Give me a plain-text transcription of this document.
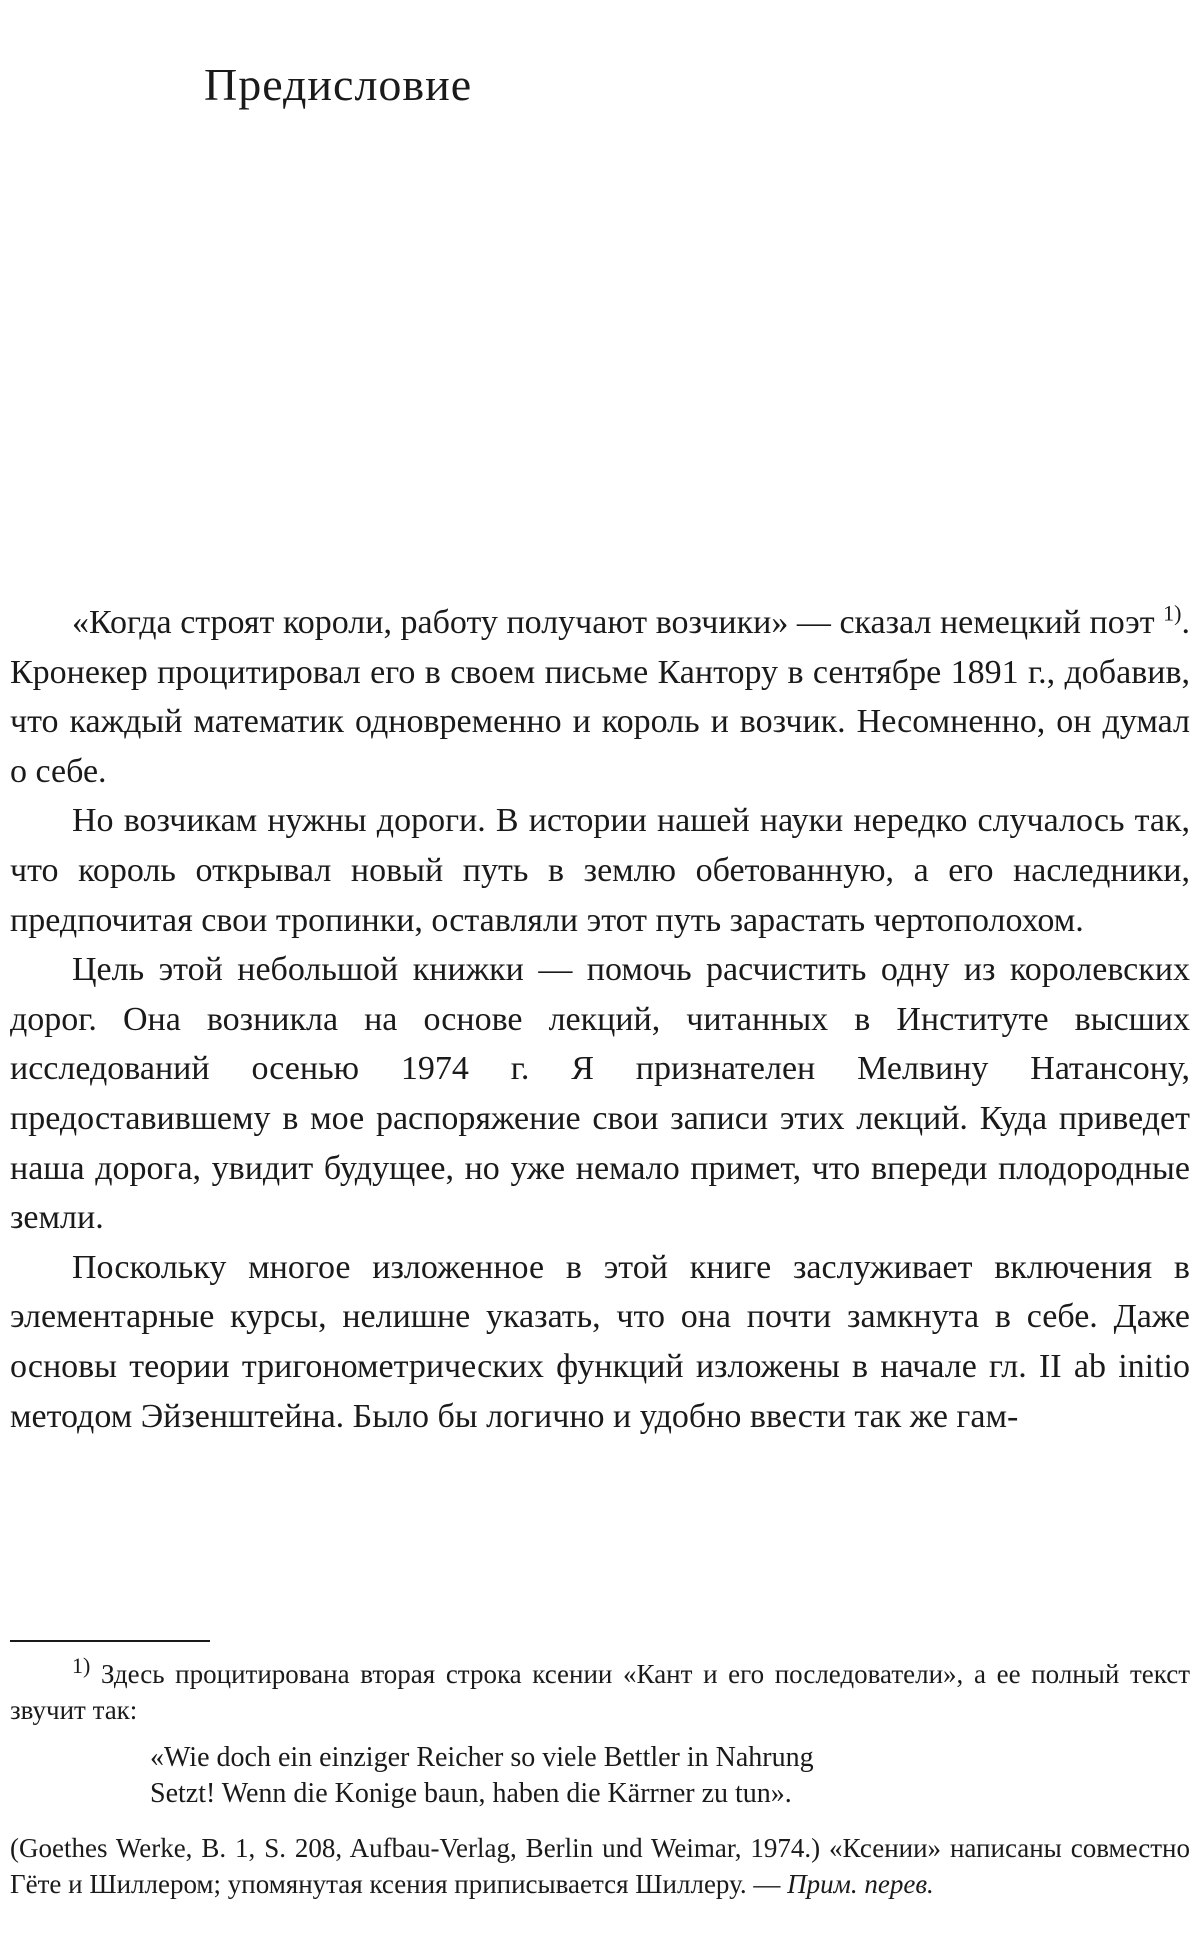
Предисловие

«Когда строят короли, работу получают возчики» — сказал немецкий поэт $^{1)}$. Кронекер процитировал его в своем письме Кантору в сентябре 1891 г., добавив, что каждый математик одновременно и король и возчик. Несомненно, он думал о себе.

Но возчикам нужны дороги. В истории нашей науки нередко случалось так, что король открывал новый путь в землю обетованную, а его наследники, предпочитая свои тропинки, оставляли этот путь зарастать чертополохом.

Цель этой небольшой книжки — помочь расчистить одну из королевских дорог. Она возникла на основе лекций, читанных в Институте высших исследований осенью 1974 г. Я признателен Мелвину Натансону, предоставившему в мое распоряжение свои записи этих лекций. Куда приведет наша дорога, увидит будущее, но уже немало примет, что впереди плодородные земли.

Поскольку многое изложенное в этой книге заслуживает включения в элементарные курсы, нелишне указать, что она почти замкнута в себе. Даже основы теории тригонометрических функций изложены в начале гл. II ab initio методом Эйзенштейна. Было бы логично и удобно ввести так же гам-

$^{1)}$ Здесь процитирована вторая строка ксении «Кант и его последователи», а ее полный текст звучит так:

«Wie doch ein einziger Reicher so viele Bettler in Nahrung
Setzt! Wenn die Konige baun, haben die Kärrner zu tun».

(Goethes Werke, B. 1, S. 208, Aufbau-Verlag, Berlin und Weimar, 1974.) «Ксении» написаны совместно Гёте и Шиллером; упомянутая ксения приписывается Шиллеру. — Прим. перев.
